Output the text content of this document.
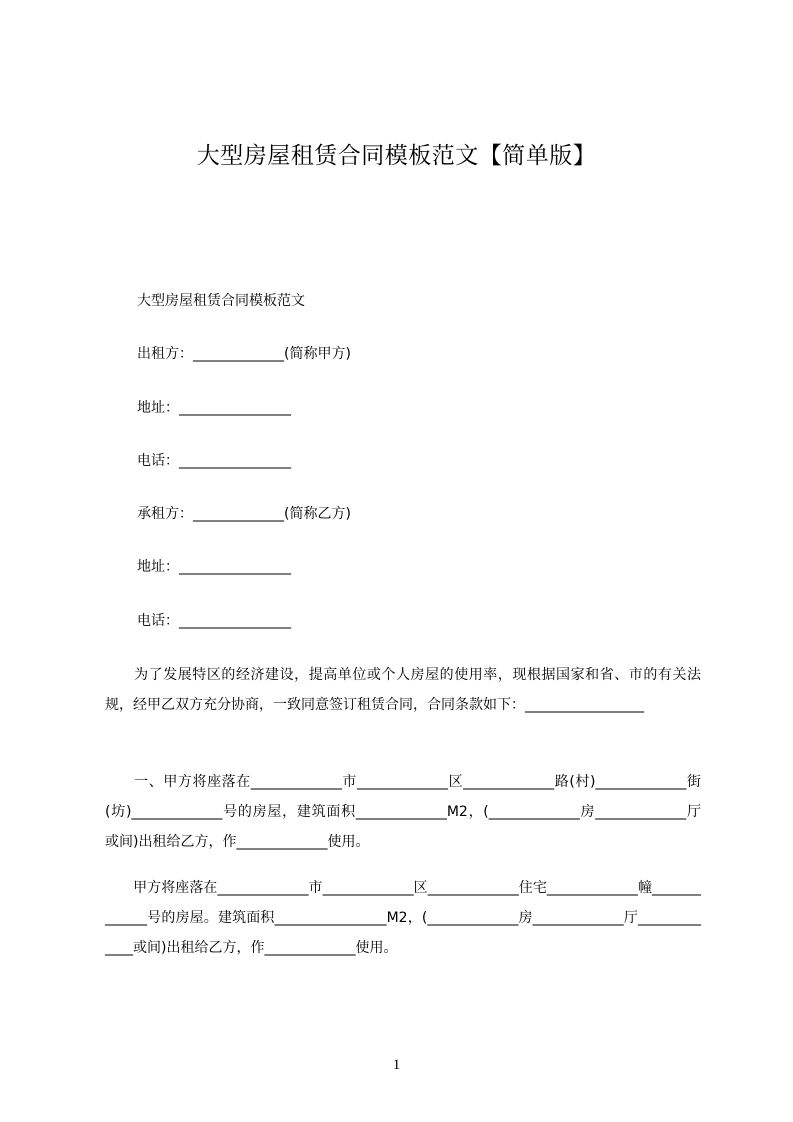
大型房屋租赁合同模板范文【简单版】
大型房屋租赁合同模板范文
出租方：_____________(简称甲方)
地址：________________
电话：________________
承租方：_____________(简称乙方)
地址：________________
电话：________________
　　为了发展特区的经济建设，提高单位或个人房屋的使用率，现根据国家和省、市的有关法规，经甲乙双方充分协商，一致同意签订租赁合同，合同条款如下：_________________
　　一、甲方将座落在_____________市_____________区_____________路(村)_____________街(坊)_____________号的房屋，建筑面积_____________M2，(_____________房_____________厅或间)出租给乙方，作_____________使用。
　　甲方将座落在_____________市_____________区_____________住宅_____________幢_____________号的房屋。建筑面积________________M2，(_____________房_____________厅_____________或间)出租给乙方，作_____________使用。
1
